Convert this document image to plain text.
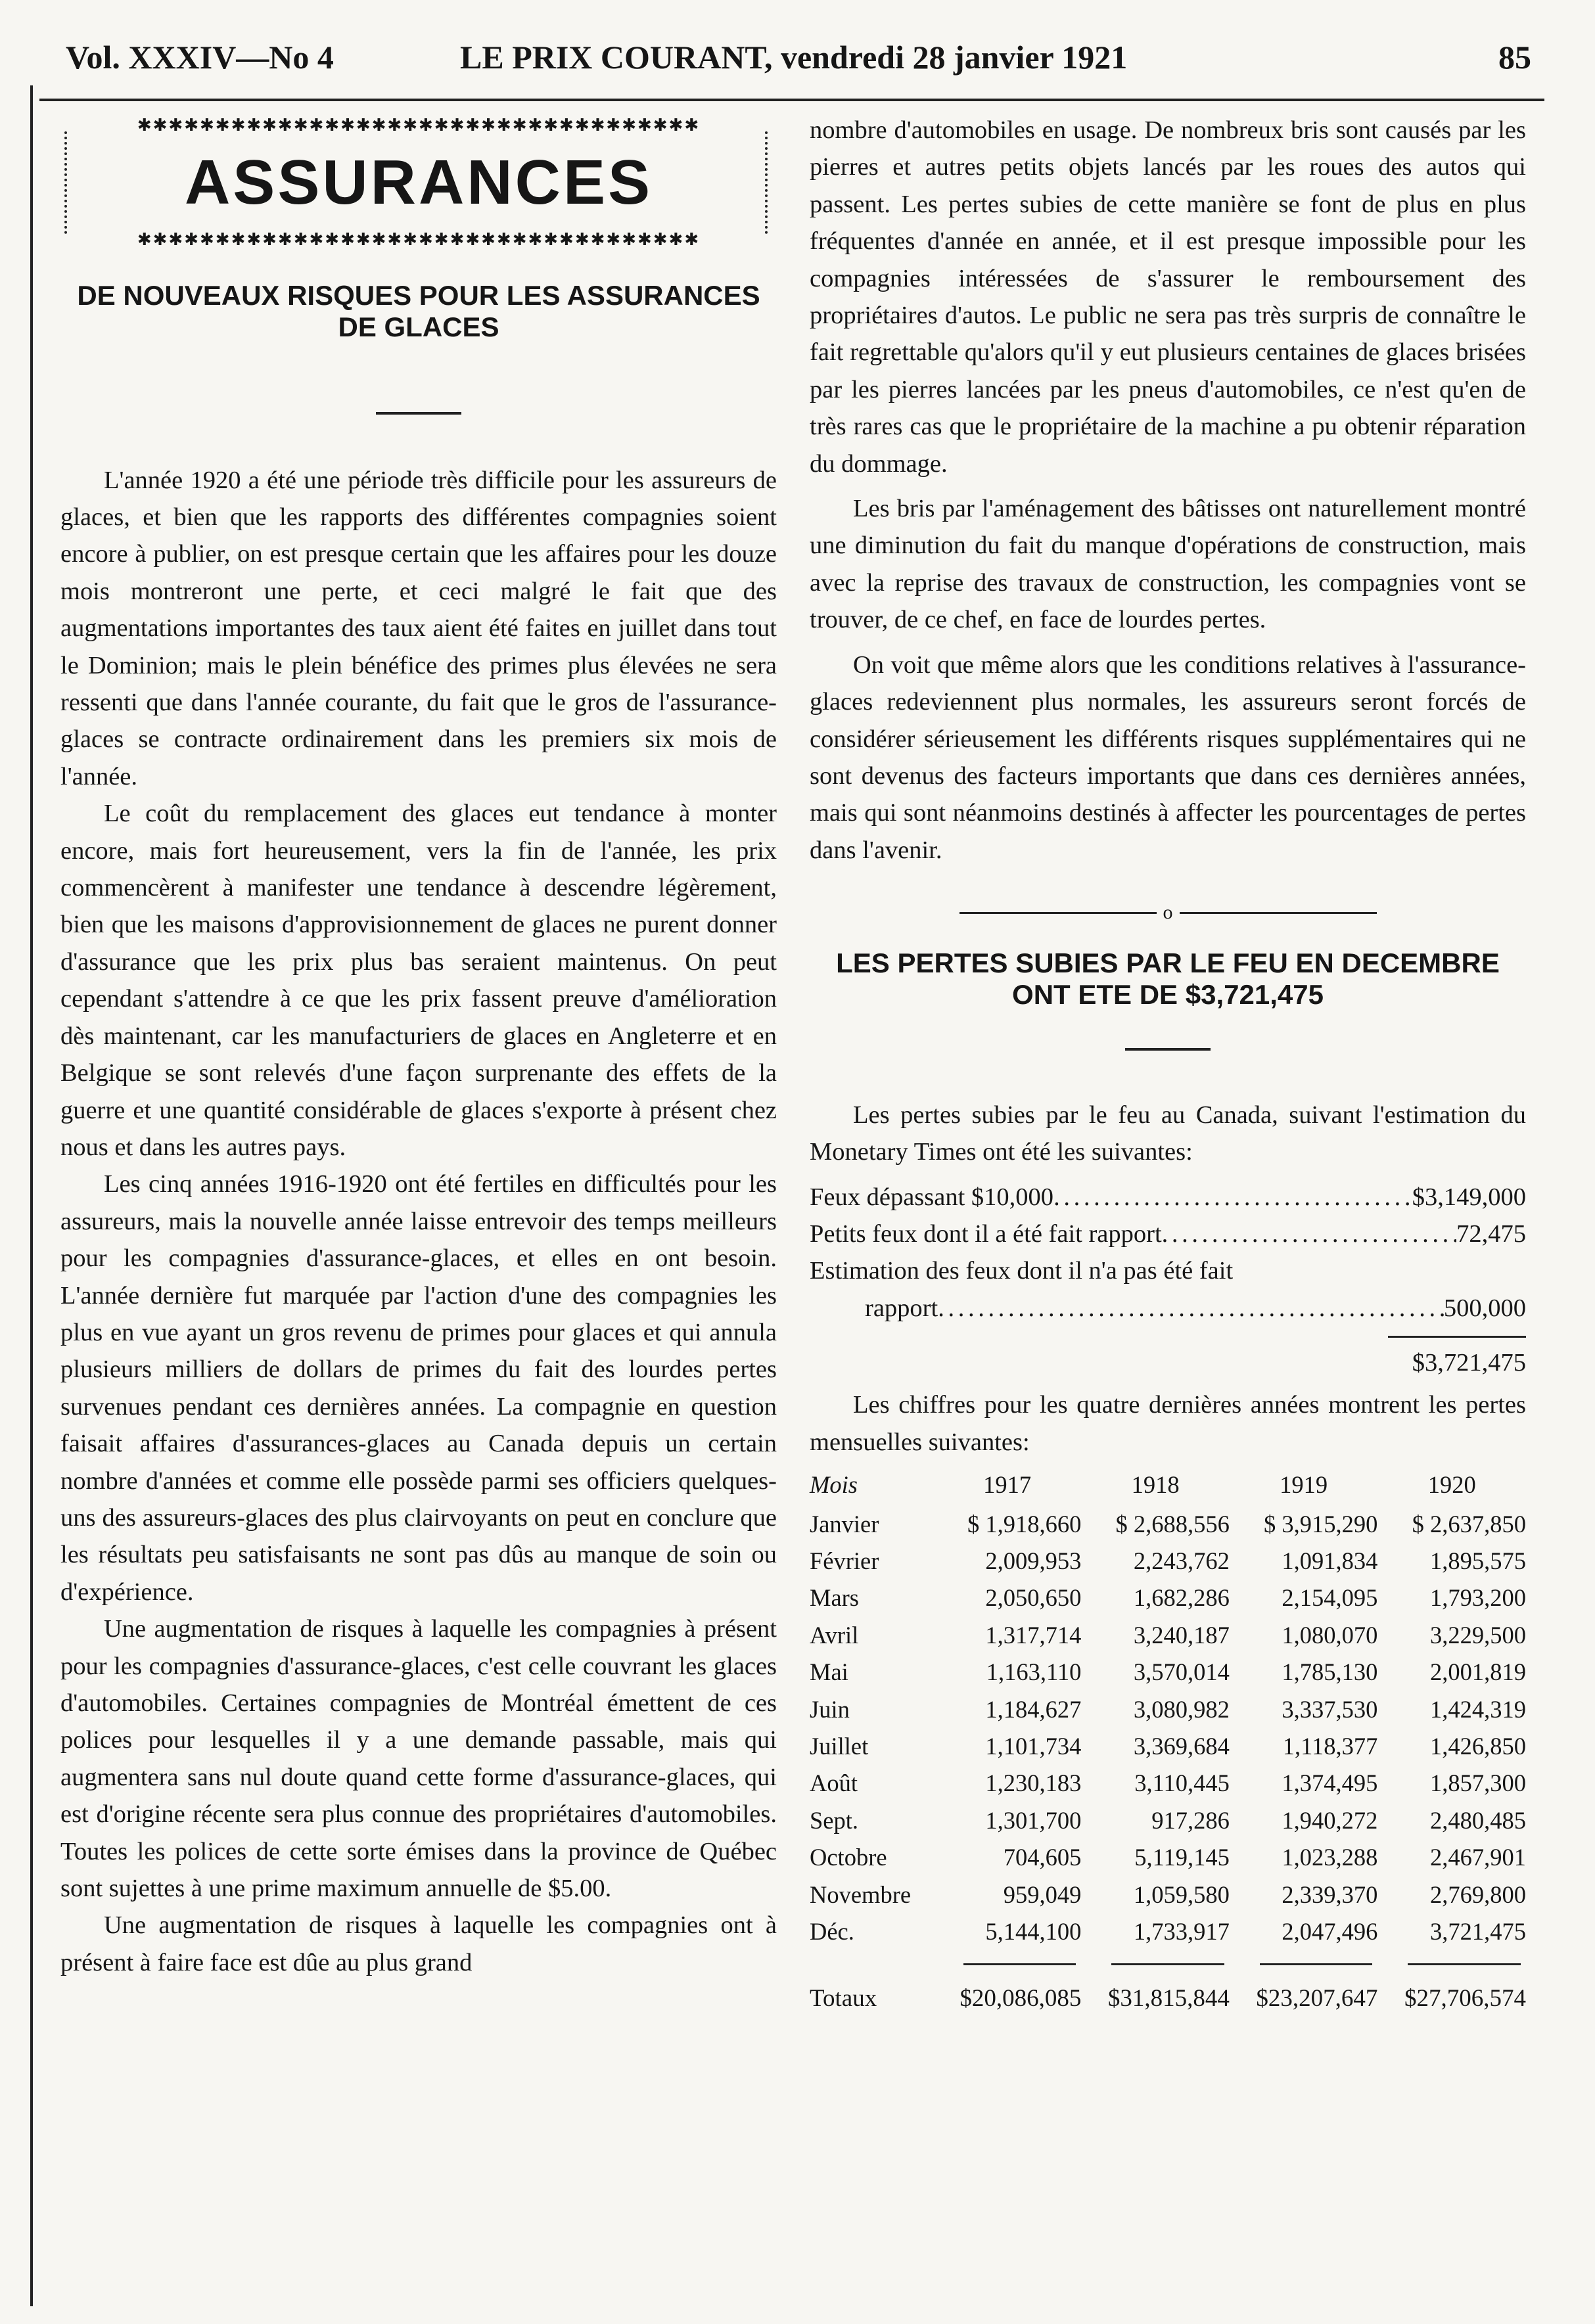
Vol. XXXIV—No 4	LE PRIX COURANT, vendredi 28 janvier 1921	85
✱✱✱✱✱✱✱✱✱✱✱✱✱✱✱✱✱✱✱✱✱✱✱✱✱✱✱✱✱✱✱✱✱✱✱✱
ASSURANCES
✱✱✱✱✱✱✱✱✱✱✱✱✱✱✱✱✱✱✱✱✱✱✱✱✱✱✱✱✱✱✱✱✱✱✱✱
DE NOUVEAUX RISQUES POUR LES ASSURANCES DE GLACES

L'année 1920 a été une période très difficile pour les assureurs de glaces, et bien que les rapports des différentes compagnies soient encore à publier, on est presque certain que les affaires pour les douze mois montreront une perte, et ceci malgré le fait que des augmentations importantes des taux aient été faites en juillet dans tout le Dominion; mais le plein bénéfice des primes plus élevées ne sera ressenti que dans l'année courante, du fait que le gros de l'assurance-glaces se contracte ordinairement dans les premiers six mois de l'année.

Le coût du remplacement des glaces eut tendance à monter encore, mais fort heureusement, vers la fin de l'année, les prix commencèrent à manifester une tendance à descendre légèrement, bien que les maisons d'approvisionnement de glaces ne purent donner d'assurance que les prix plus bas seraient maintenus. On peut cependant s'attendre à ce que les prix fassent preuve d'amélioration dès maintenant, car les manufacturiers de glaces en Angleterre et en Belgique se sont relevés d'une façon surprenante des effets de la guerre et une quantité considérable de glaces s'exporte à présent chez nous et dans les autres pays.

Les cinq années 1916-1920 ont été fertiles en difficultés pour les assureurs, mais la nouvelle année laisse entrevoir des temps meilleurs pour les compagnies d'assurance-glaces, et elles en ont besoin. L'année dernière fut marquée par l'action d'une des compagnies les plus en vue ayant un gros revenu de primes pour glaces et qui annula plusieurs milliers de dollars de primes du fait des lourdes pertes survenues pendant ces dernières années. La compagnie en question faisait affaires d'assurances-glaces au Canada depuis un certain nombre d'années et comme elle possède parmi ses officiers quelques-uns des assureurs-glaces des plus clairvoyants on peut en conclure que les résultats peu satisfaisants ne sont pas dûs au manque de soin ou d'expérience.

Une augmentation de risques à laquelle les compagnies à présent pour les compagnies d'assurance-glaces, c'est celle couvrant les glaces d'automobiles. Certaines compagnies de Montréal émettent de ces polices pour lesquelles il y a une demande passable, mais qui augmentera sans nul doute quand cette forme d'assurance-glaces, qui est d'origine récente sera plus connue des propriétaires d'automobiles. Toutes les polices de cette sorte émises dans la province de Québec sont sujettes à une prime maximum annuelle de $5.00.

Une augmentation de risques à laquelle les compagnies ont à présent à faire face est dûe au plus grand

nombre d'automobiles en usage. De nombreux bris sont causés par les pierres et autres petits objets lancés par les roues des autos qui passent. Les pertes subies de cette manière se font de plus en plus fréquentes d'année en année, et il est presque impossible pour les compagnies intéressées de s'assurer le remboursement des propriétaires d'autos. Le public ne sera pas très surpris de connaître le fait regrettable qu'alors qu'il y eut plusieurs centaines de glaces brisées par les pierres lancées par les pneus d'automobiles, ce n'est qu'en de très rares cas que le propriétaire de la machine a pu obtenir réparation du dommage.

Les bris par l'aménagement des bâtisses ont naturellement montré une diminution du fait du manque d'opérations de construction, mais avec la reprise des travaux de construction, les compagnies vont se trouver, de ce chef, en face de lourdes pertes.

On voit que même alors que les conditions relatives à l'assurance-glaces redeviennent plus normales, les assureurs seront forcés de considérer sérieusement les différents risques supplémentaires qui ne sont devenus des facteurs importants que dans ces dernières années, mais qui sont néanmoins destinés à affecter les pourcentages de pertes dans l'avenir.

o
LES PERTES SUBIES PAR LE FEU EN DECEMBRE ONT ETE DE $3,721,475

Les pertes subies par le feu au Canada, suivant l'estimation du Monetary Times ont été les suivantes:

Feux dépassant $10,000 . . .	$3,149,000
Petits feux dont il a été fait rapport . . .	72,475
Estimation des feux dont il n'a pas été fait
rapport . . .	500,000
$3,721,475

Les chiffres pour les quatre dernières années montrent les pertes mensuelles suivantes:

Mois	1917	1918	1919	1920
Janvier	$ 1,918,660	$ 2,688,556	$ 3,915,290	$ 2,637,850
Février	2,009,953	2,243,762	1,091,834	1,895,575
Mars	2,050,650	1,682,286	2,154,095	1,793,200
Avril	1,317,714	3,240,187	1,080,070	3,229,500
Mai	1,163,110	3,570,014	1,785,130	2,001,819
Juin	1,184,627	3,080,982	3,337,530	1,424,319
Juillet	1,101,734	3,369,684	1,118,377	1,426,850
Août	1,230,183	3,110,445	1,374,495	1,857,300
Sept.	1,301,700	917,286	1,940,272	2,480,485
Octobre	704,605	5,119,145	1,023,288	2,467,901
Novembre	959,049	1,059,580	2,339,370	2,769,800
Déc.	5,144,100	1,733,917	2,047,496	3,721,475

Totaux	$20,086,085	$31,815,844	$23,207,647	$27,706,574
